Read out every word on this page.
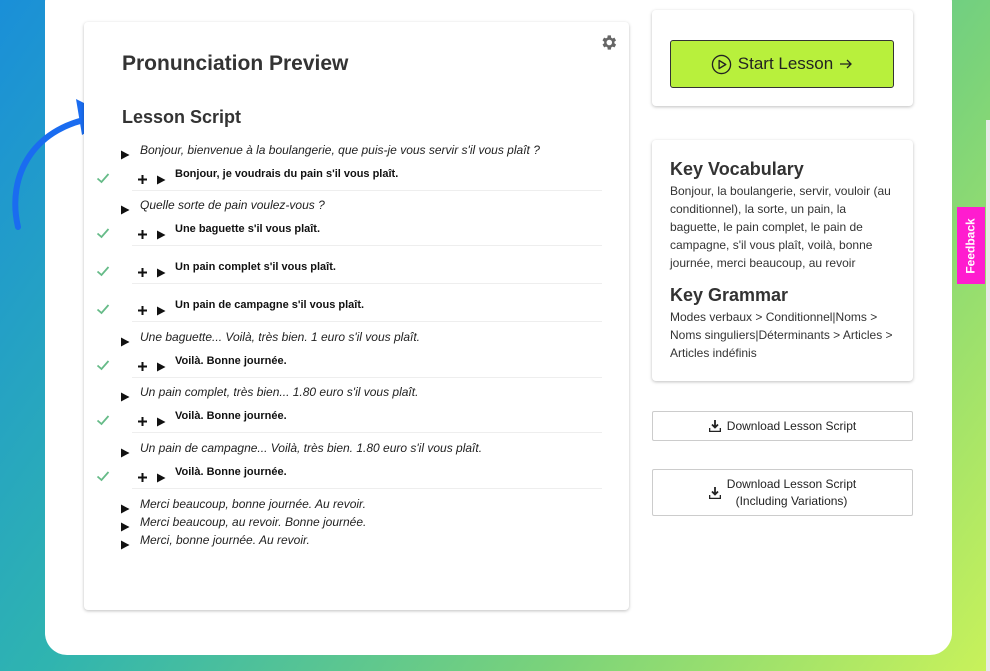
Pronunciation Preview
Lesson Script
Bonjour, bienvenue à la boulangerie, que puis-je vous servir s'il vous plaît ?
Bonjour, je voudrais du pain s'il vous plaît.
Quelle sorte de pain voulez-vous ?
Une baguette s'il vous plaît.
Un pain complet s'il vous plaît.
Un pain de campagne s'il vous plaît.
Une baguette... Voilà, très bien. 1 euro s'il vous plaît.
Voilà. Bonne journée.
Un pain complet, très bien... 1.80 euro s'il vous plaît.
Voilà. Bonne journée.
Un pain de campagne... Voilà, très bien. 1.80 euro s'il vous plaît.
Voilà. Bonne journée.
Merci beaucoup, bonne journée. Au revoir.
Merci beaucoup, au revoir. Bonne journée.
Merci, bonne journée. Au revoir.
Start Lesson
Key Vocabulary
Bonjour, la boulangerie, servir, vouloir (au conditionnel), la sorte, un pain, la baguette, le pain complet, le pain de campagne, s'il vous plaît, voilà, bonne journée, merci beaucoup, au revoir
Key Grammar
Modes verbaux > Conditionnel|Noms > Noms singuliers|Déterminants > Articles > Articles indéfinis
Download Lesson Script
Download Lesson Script
(Including Variations)
Feedback
